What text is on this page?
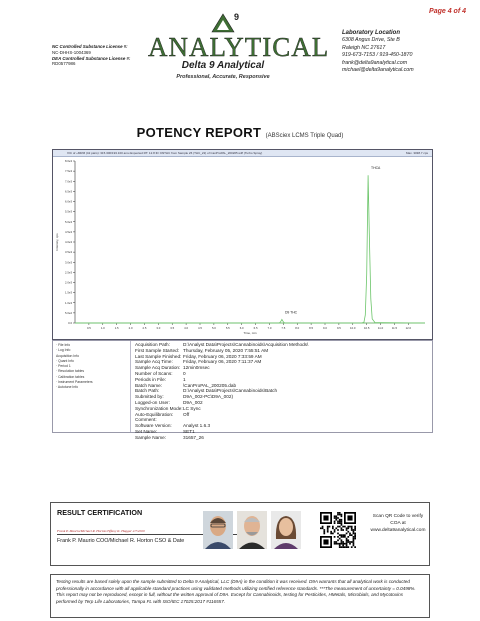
Page 4 of 4
NC Controlled Substance License #:
NC-DHHS-1004369
DEA Controlled Substance License #:
RD0577986
9
ANALYTICAL
Delta 9 Analytical
Professional, Accurate, Responsive
Laboratory Location
6308 Angus Drive, Ste B
Raleigh NC 27617
919-673-7153 / 919-450-1870
frank@delta9analytical.com
michael@delta9analytical.com
POTENCY REPORT (ABSciex LCMS Triple Quad)
XIC of +MRM (42 pairs): 315.300/193.100 amu Expected RT: 12.8 ID: D9THC from Sample 26 (THC_22) of CanProPAL_200205.wiff (Turbo Spray)	Max. 3038.7 cps
0.0
5.0e2
1.0e3
1.5e3
2.0e3
2.5e3
3.0e3
3.5e3
4.0e3
4.5e3
5.0e3
5.5e3
6.0e3
6.5e3
7.0e3
7.5e3
8.0e3
0.5	1.0	1.5	2.0	2.5	3.0	3.5	4.0	4.5	5.0	5.5	6.0	6.5	7.0	7.5	8.0	8.5	9.0	9.5	10.0	10.5	11.0	11.5	12.0
Time, min
Intensity, cps
THCA
D9 THC
· File Info
· Log Info
Acquisition Info
· Quant Info
· Period 1
· Resolution tables
· Calibration tables
· Instrument Parameters
· Autotune Info
Acquisition Path:	D:\Analyst Data\Projects\Cannabinoids\Acquisition Methods\
First Sample Started: Thursday, February 05, 2020 7:55:51 AM
Last Sample Finished: Friday, February 06, 2020 7:33:59 AM
Sample Acq Time:	Friday, February 06, 2020 7:11:37 AM
Sample Acq Duration: 12min0msec
Number of Scans:	0
Periods in File:	1
Batch Name:	\CanProPAL_200205.dab
Batch Path:	D:\Analyst Data\Projects\Cannabinoids\Batch
Submitted by:	D9A_002-PC\D9A_002)
Logged-on User:	D9A_002
Synchronization Mode: LC Sync
Auto-Equilibration:	Off
Comment:
Software Version:	Analyst 1.6.3
Set Name:	SET1
Sample Name:	31657_26
RESULT CERTIFICATION
Frank P. Maurio/Michael R. Horton/Tiffany K. Haggar 2/7/2020
Frank P. Maurio COO/Michael R. Horton CSO & Date
Scan QR Code to verify COA at www.delta9analytical.com
Testing results are based solely upon the sample submitted to Delta 9 Analytical, LLC (D9A) in the condition it was received. D9A warrants that all analytical work is conducted professionally in accordance with all applicable standard practices using validated methods utilizing certified reference standards. ***The measurement of uncertainty = 0.0498%. This report may not be reproduced, except in full, without the written approval of D9A. Except for Cannabinoids, testing for Pesticides, HMetals, Microbials, and Mycotoxins performed by Terp Life Laboratories, Tampa FL with ISO/IEC 17025:2017 #116557.
